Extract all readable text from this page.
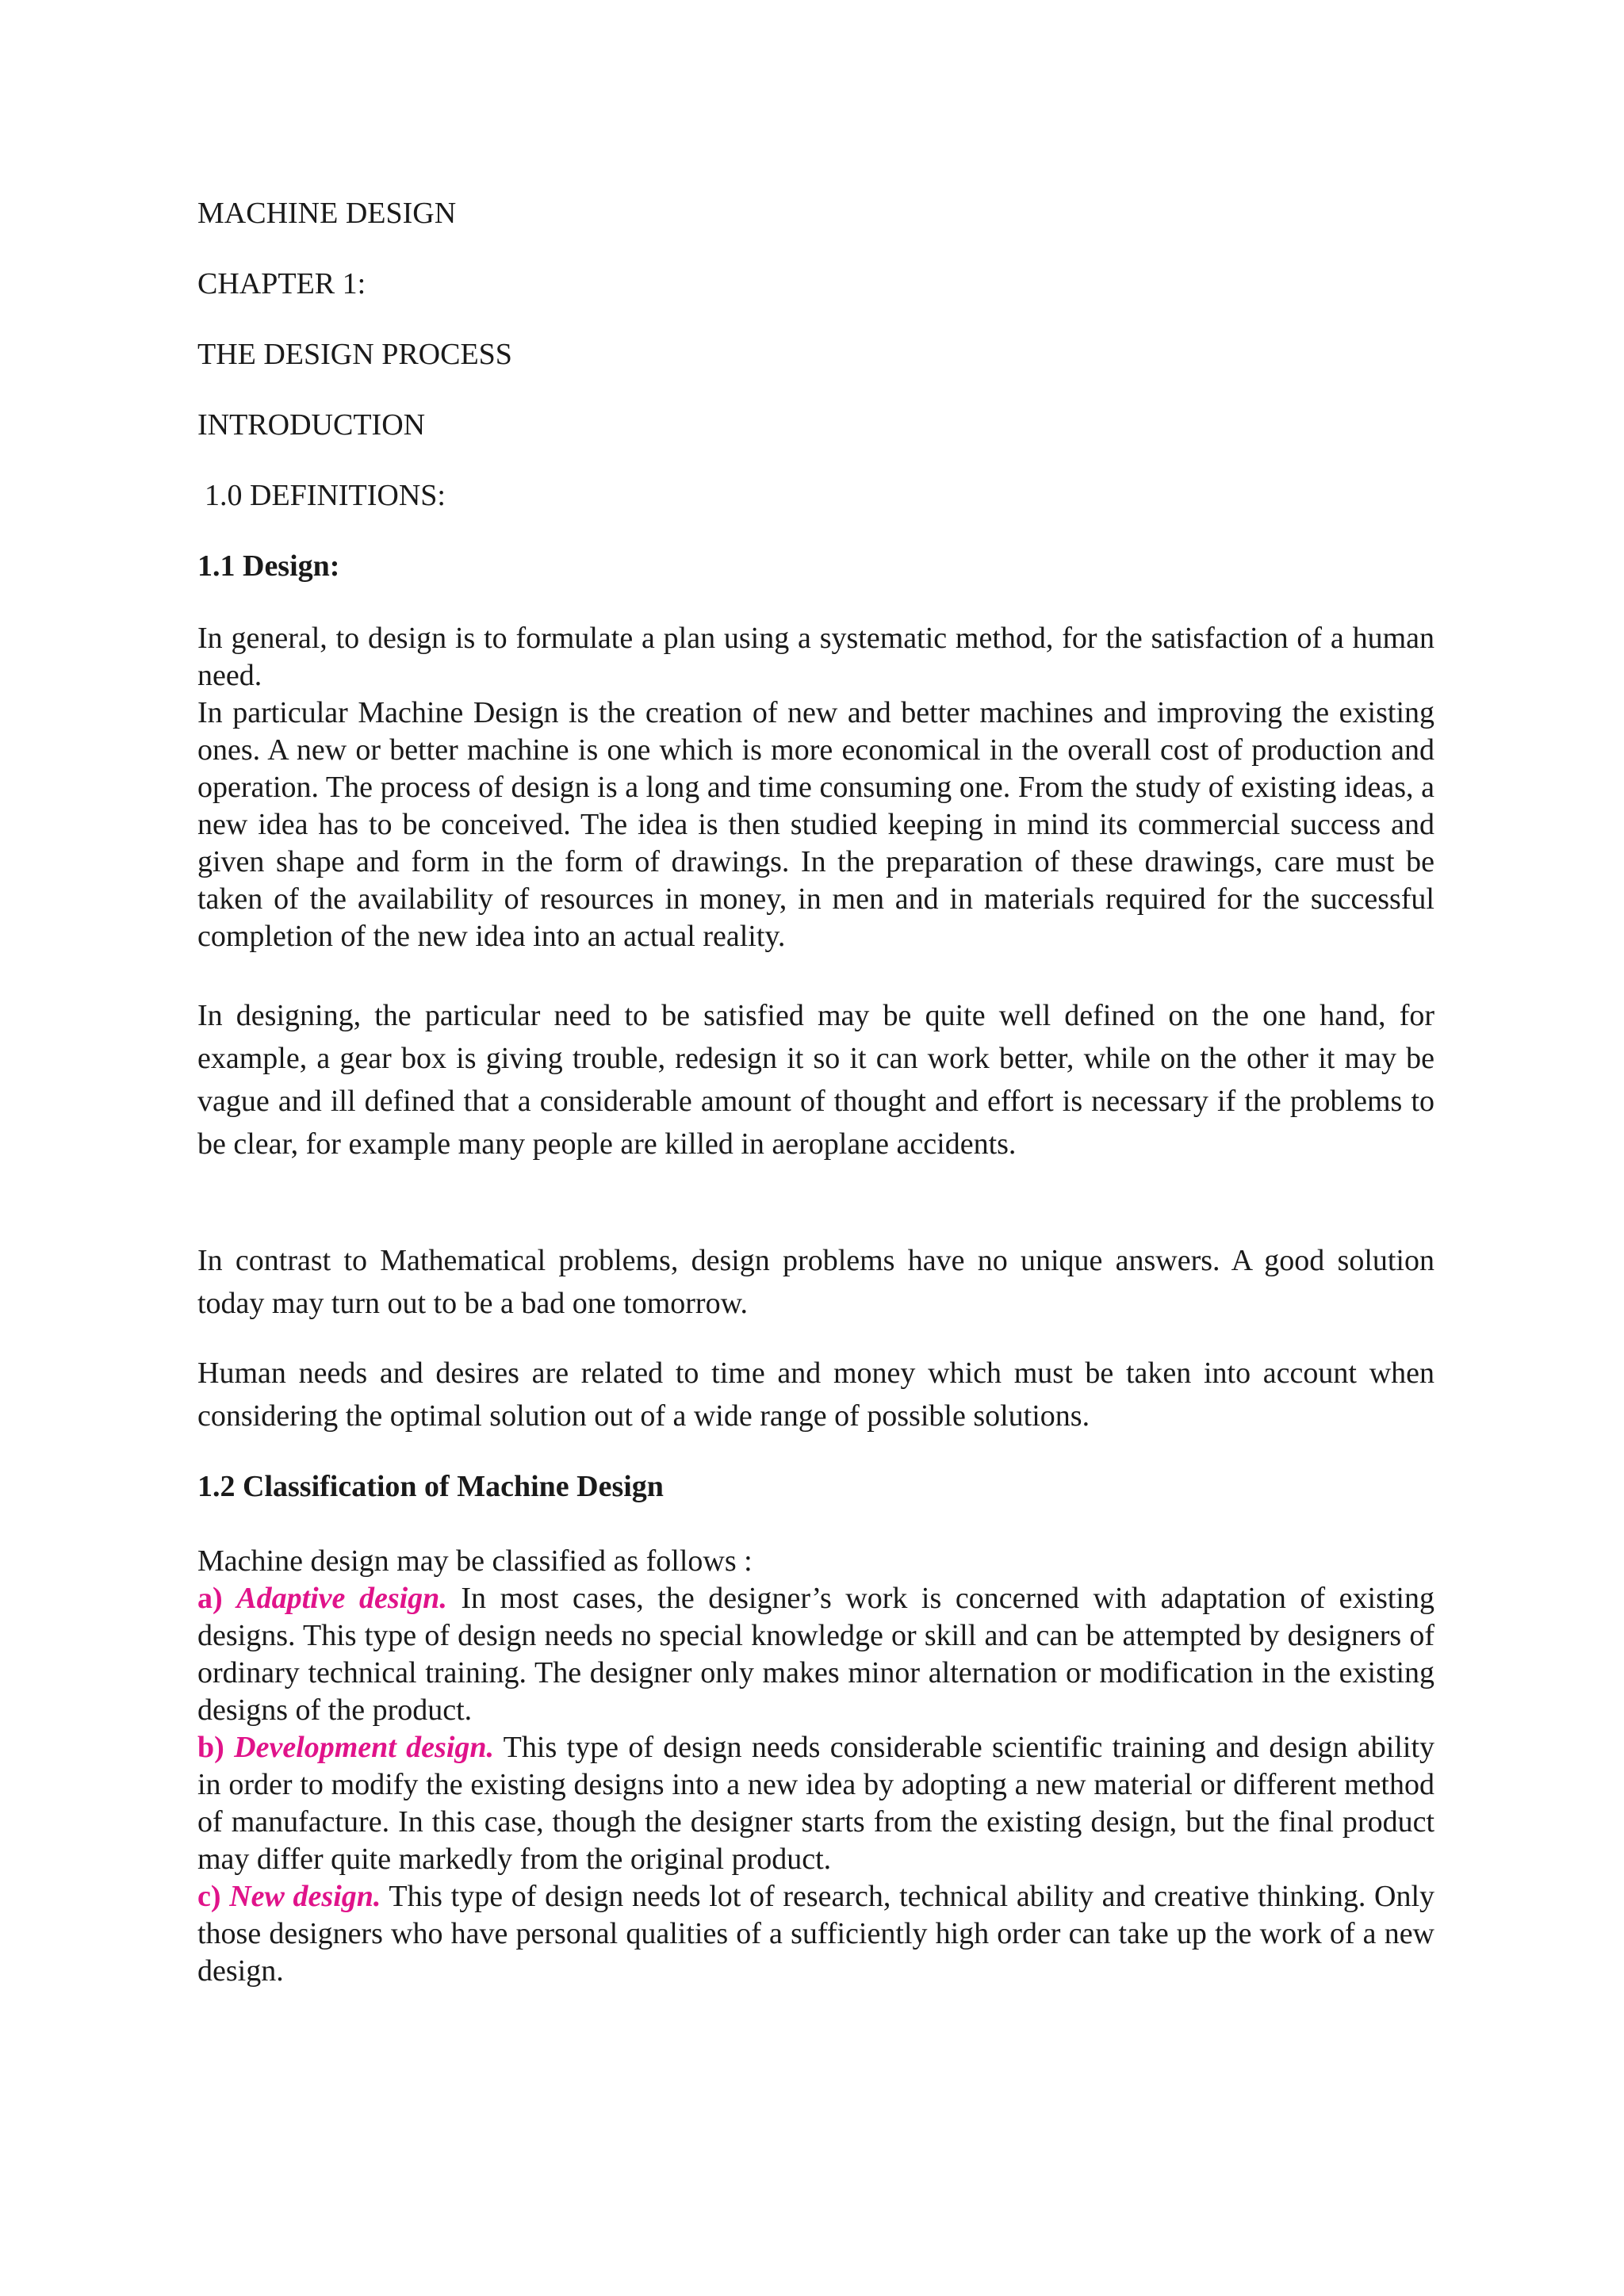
MACHINE DESIGN

CHAPTER 1:

THE DESIGN PROCESS

INTRODUCTION

1.0 DEFINITIONS:

1.1 Design:

In general, to design is to formulate a plan using a systematic method, for the satisfaction of a human need.

In particular Machine Design is the creation of new and better machines and improving the existing ones. A new or better machine is one which is more economical in the overall cost of production and operation. The process of design is a long and time consuming one. From the study of existing ideas, a new idea has to be conceived. The idea is then studied keeping in mind its commercial success and given shape and form in the form of drawings. In the preparation of these drawings, care must be taken of the availability of resources in money, in men and in materials required for the successful completion of the new idea into an actual reality.

In designing, the particular need to be satisfied may be quite well defined on the one hand, for example, a gear box is giving trouble, redesign it so it can work better, while on the other it may be vague and ill defined that a considerable amount of thought and effort is necessary if the problems to be clear, for example many people are killed in aeroplane accidents.

In contrast to Mathematical problems, design problems have no unique answers. A good solution today may turn out to be a bad one tomorrow.

Human needs and desires are related to time and money which must be taken into account when considering the optimal solution out of a wide range of possible solutions.

1.2 Classification of Machine Design

Machine design may be classified as follows :

a) Adaptive design. In most cases, the designer’s work is concerned with adaptation of existing designs. This type of design needs no special knowledge or skill and can be attempted by designers of ordinary technical training. The designer only makes minor alternation or modification in the existing designs of the product.

b) Development design. This type of design needs considerable scientific training and design ability in order to modify the existing designs into a new idea by adopting a new material or different method of manufacture. In this case, though the designer starts from the existing design, but the final product may differ quite markedly from the original product.

c) New design. This type of design needs lot of research, technical ability and creative thinking. Only those designers who have personal qualities of a sufficiently high order can take up the work of a new design.
